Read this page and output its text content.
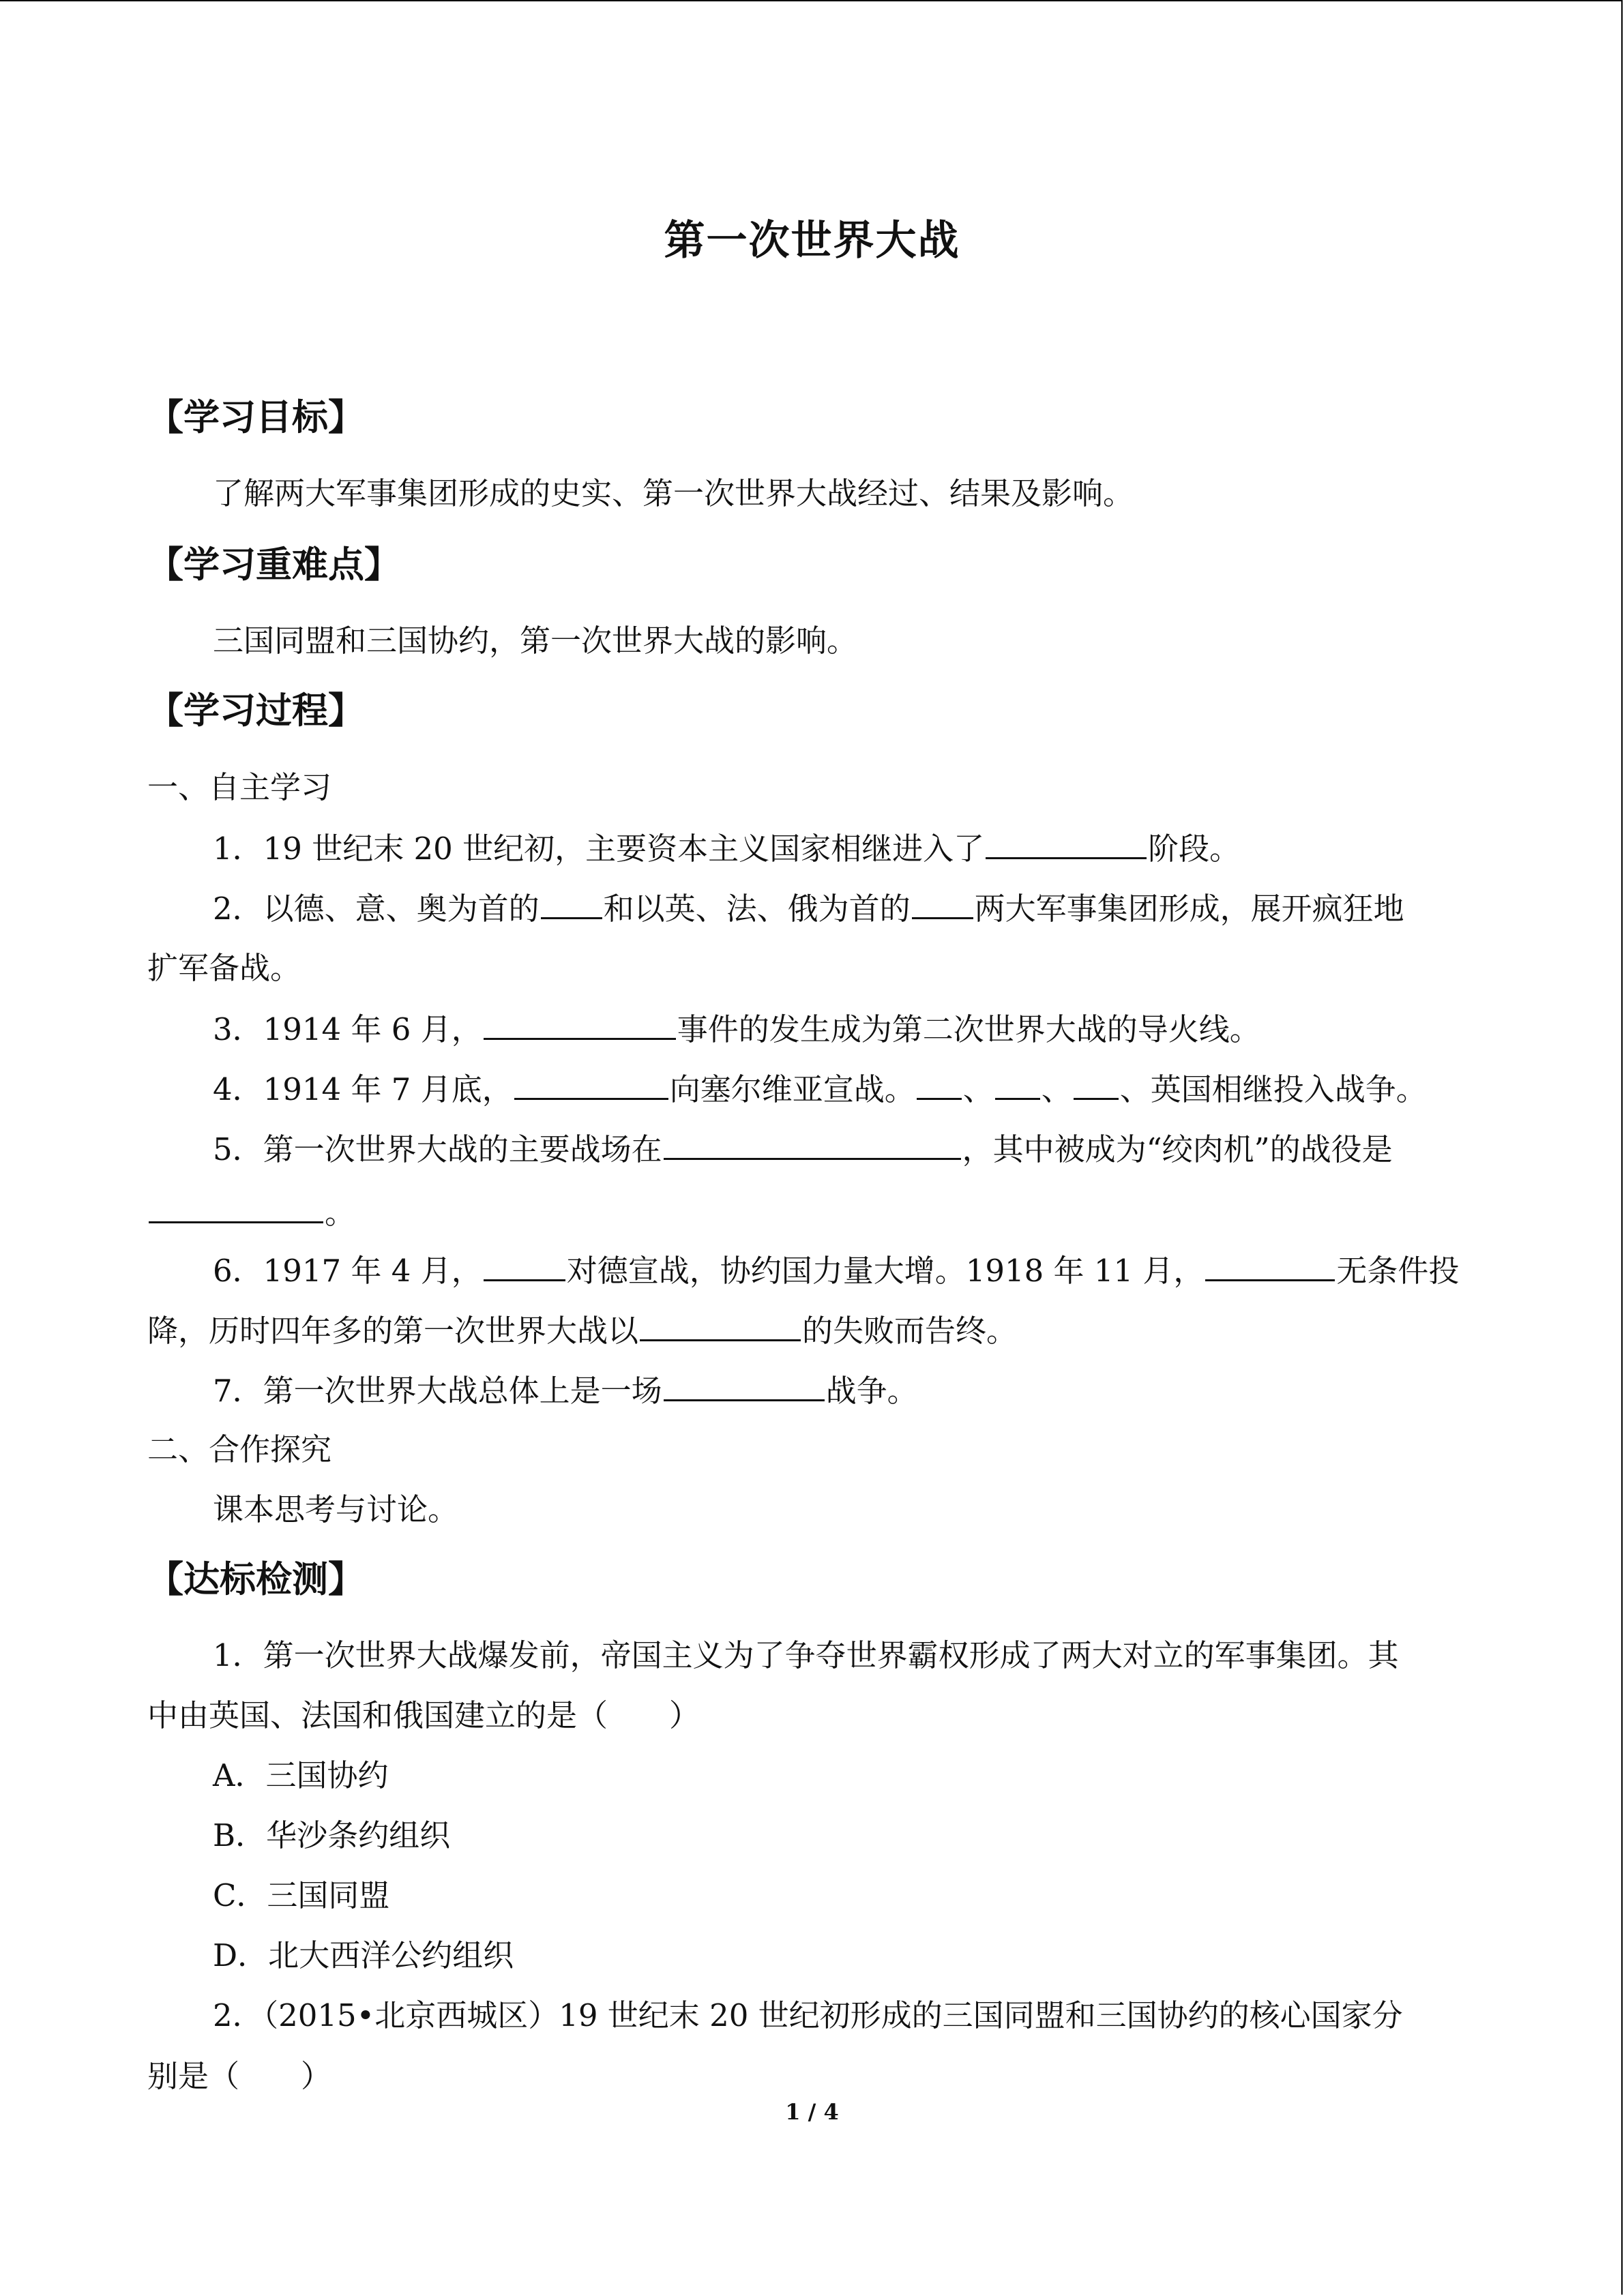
第一次世界大战
【学习目标】
了解两大军事集团形成的史实、第一次世界大战经过、结果及影响。
【学习重难点】
三国同盟和三国协约，第一次世界大战的影响。
【学习过程】
一、自主学习
1．19 世纪末 20 世纪初，主要资本主义国家相继进入了	阶段。
2．以德、意、奥为首的 和以英、法、俄为首的 两大军事集团形成，展开疯狂地
扩军备战。
3．1914 年 6 月，	事件的发生成为第二次世界大战的导火线。
4．1914 年 7 月底，	向塞尔维亚宣战。 、 、 、英国相继投入战争。
5．第一次世界大战的主要战场在	，其中被成为“绞肉机”的战役是
。
6．1917 年 4 月，	对德宣战，协约国力量大增。1918 年 11 月，	无条件投
降，历时四年多的第一次世界大战以	的失败而告终。
7．第一次世界大战总体上是一场	战争。
二、合作探究
课本思考与讨论。
【达标检测】
1．第一次世界大战爆发前，帝国主义为了争夺世界霸权形成了两大对立的军事集团。其
中由英国、法国和俄国建立的是（　　）
A．三国协约
B．华沙条约组织
C．三国同盟
D．北大西洋公约组织
2．（2015•北京西城区）19 世纪末 20 世纪初形成的三国同盟和三国协约的核心国家分
别是（　　）
1 / 4
